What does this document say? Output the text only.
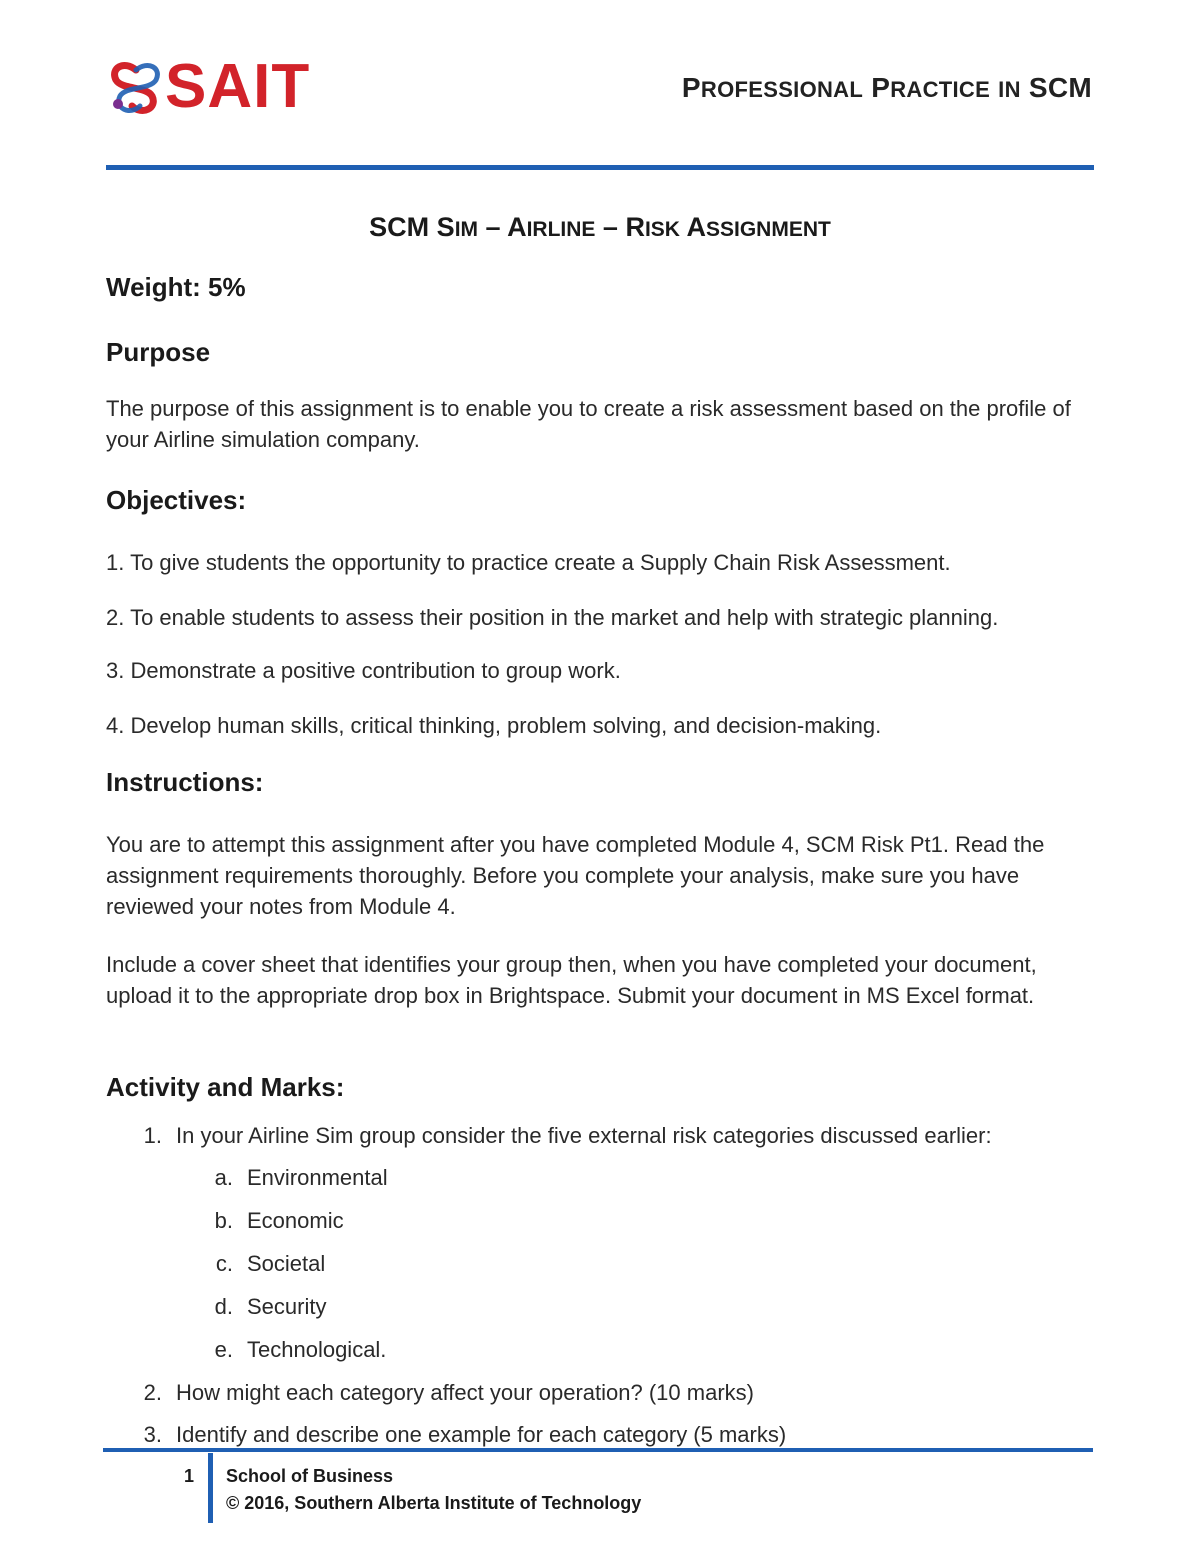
SAIT	PROFESSIONAL PRACTICE IN SCM
SCM SIM – AIRLINE – RISK ASSIGNMENT
Weight: 5%
Purpose
The purpose of this assignment is to enable you to create a risk assessment based on the profile of your Airline simulation company.
Objectives:
1. To give students the opportunity to practice create a Supply Chain Risk Assessment.
2. To enable students to assess their position in the market and help with strategic planning.
3. Demonstrate a positive contribution to group work.
4. Develop human skills, critical thinking, problem solving, and decision-making.
Instructions:
You are to attempt this assignment after you have completed Module 4, SCM Risk Pt1. Read the assignment requirements thoroughly. Before you complete your analysis, make sure you have reviewed your notes from Module 4.
Include a cover sheet that identifies your group then, when you have completed your document, upload it to the appropriate drop box in Brightspace. Submit your document in MS Excel format.
Activity and Marks:
1. In your Airline Sim group consider the five external risk categories discussed earlier:
a. Environmental
b. Economic
c. Societal
d. Security
e. Technological.
2. How might each category affect your operation? (10 marks)
3. Identify and describe one example for each category (5 marks)
1 School of Business
© 2016, Southern Alberta Institute of Technology
